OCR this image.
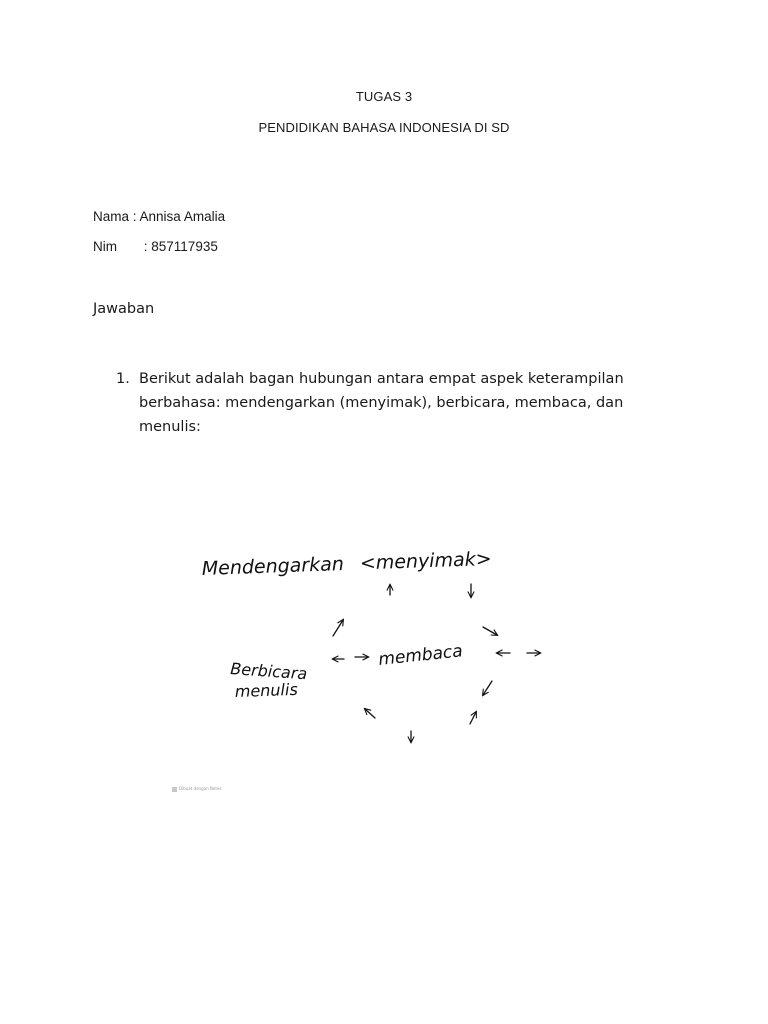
TUGAS 3
PENDIDIKAN BAHASA INDONESIA DI SD
Nama : Annisa Amalia
Nim : 857117935
Jawaban
1. Berikut adalah bagan hubungan antara empat aspek keterampilan berbahasa: mendengarkan (menyimak), berbicara, membaca, dan menulis:
Mendengarkan <menyimak>
Berbicara
menulis
membaca
Dibuat dengan Notes
